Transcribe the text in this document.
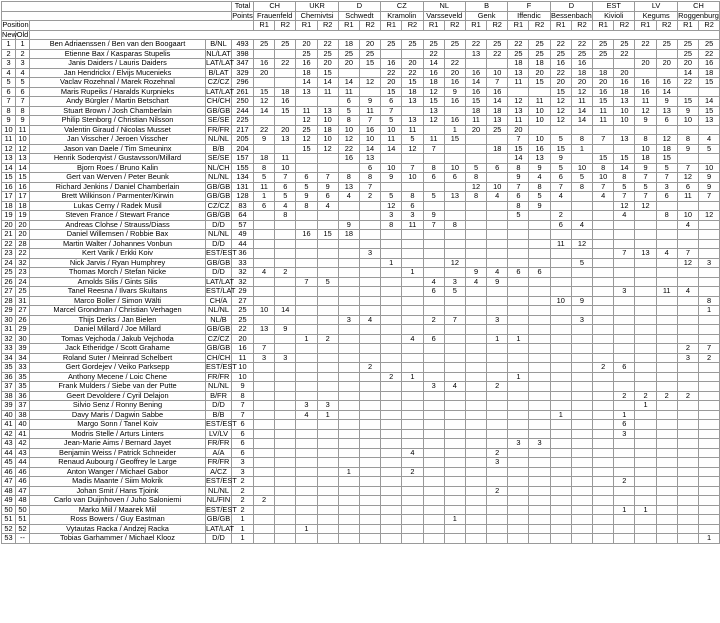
				Total	CH		UKR		D		CZ		NL		B		F		D		EST		LV		CH	
				Points	Frauenfeld		Chernivtsi		Schwedt		Kramolin		Varsseveld		Genk		Iffendic		Bessenbach		Kivioli		Kegums		Roggenburg	
Position					R1	R2	R1	R2	R1	R2	R1	R2	R1	R2	R1	R2	R1	R2	R1	R2	R1	R2	R1	R2	R1	R2
New	Old																									
1	1	Ben Adriaenssen / Ben van den Boogaart	B/NL	493	25	25	20	22	18	20	25	25	25	25	22	25	22	25	22	22	25	25	22	25	25	25
2	2	Etienne Bax / Kasparas Stupelis	NL/LAT	398			25	25	25	25			22		13	22	25	25	25	25	25	22			25	22
3	3	Janis Daiders / Lauris Daiders	LAT/LAT	347	16	22	16	20	20	15	16	20	14	22			18	18	16	16			20	20	20	16
4	4	Jan Hendrickx / Elvijs Mucenieks	B/LAT	329	20		18	15			22	22	16	20	16	10	13	20	22	18	18	20			14	18
5	5	Vaclav Rozehnal / Marek Rozehnal	CZ/CZ	296			14	14	14	12	20	15	18	16	14	7	11	15	20	20	20	16	16	16	22	15
6	6	Maris Rupeiks / Haralds Kurpnieks	LAT/LAT	261	15	18	13	11	11		15	18	12	9	16	16			15	12	16	18	16	14		
7	7	Andy Bürgler / Martin Betschart	CH/CH	250	12	16			6	9	6	13	15	16	15	14	12	11	12	11	15	13	11	9	15	14
8	8	Stuart Brown / Josh Chamberlain	GB/GB	244	14	15	11	13	5	11	7		13		18	18	13	10	12	14	11	10	12	13	9	15
9	9	Philip Stenborg / Christian Nilsson	SE/SE	225			12	10	8	7	5	13	12	16	11	13	11	10	12	14	11	10	9	6	10	13
10	11	Valentin Giraud / Nicolas Musset	FR/FR	217	22	20	25	18	10	16	10	11		1	20	25	20									
11	10	Jan Visscher / Jeroen Visscher	NL/NL	205	9	13	12	10	12	10	11	5	11	15			7	10	5	8	7	13	8	12	8	4
12	12	Jason van Daele / Tim Smeuninx	B/B	204			15	12	22	14	14	12	7			18	15	16	15	1			10	18	9	5
13	13	Henrik Soderqvist / Gustavsson/Millard	SE/SE	157	18	11			16	13							14	13	9		15	15	18	15		
14	14	Bjorn Roes / Bruno Kalin	NL/CH	155	8	10				6	10	7	8	10	5	6	8	9	5	10	8	14	9	5	7	10
15	15	Gert van Werven / Peter Beunk	NL/NL	134	5	7	6	7	8	8	9	10	6	6	8		9	4	6	5	10	8	7	7	12	9
16	16	Richard Jenkins / Daniel Chamberlain	GB/GB	131	11	6	5	9	13	7					12	10	7	8	7	8	7	5	5	3	6	9
17	17	Brett Wilkinson / Parmenter/Kirwin	GB/GB	128	1	5	9	6	4	2	5	8	5	13	8	4	6	5	4		4	7	7	6	11	7
18	18	Lukas Cerny / Radek Musil	CZ/CZ	83	6	4	8	4			12	6					8	9				12	12			
19	19	Steven France / Stewart France	GB/GB	64		8					3	3	9				5		2			4		8	10	12
20	20	Andreas Clohse / Strauss/Diass	D/D	57					9		8	11	7	8					6	4					4	
21	20	Daniel Willemsen / Robbie Bax	NL/NL	49			16	15	18																	
22	28	Martin Walter / Johannes Vonbun	D/D	44															11	12						
23	22	Kert Varik / Erkki Koiv	EST/EST	36						3												7	13	4	7	
24	32	Nick Jarvis / Ryan Humphrey	GB/GB	33							1			12						5					12	3
25	23	Thomas Morch / Stefan Nicke	D/D	32	4	2						1			9	4	6	6								
26	24	Arnolds Silis / Gints Silis	LAT/LAT	32			7	5					4	3	4	9										
27	25	Tanel Reesna / Ilvars Skultans	EST/LAT	29									6	5								3		11	4	
28	31	Marco Boller / Simon Wälti	CH/A	27															10	9						8
29	27	Marcel Grondman / Christian Verhagen	NL/NL	25	10	14																				1
30	26	Thijs Derks / Jan Bielen	NL/B	25					3	4			2	7		3				3						
31	29	Daniel Millard / Joe Millard	GB/GB	22	13	9																				
32	30	Tomas Vejchoda / Jakub Vejchoda	CZ/CZ	20			1	2				4	6			1	1									
33	39	Jack Etheridge / Scott Grahame	GB/GB	16	7																				2	7
34	34	Roland Suter / Meinrad Schelbert	CH/CH	11	3	3																			3	2
35	33	Gert Gordejev / Veiko Parksepp	EST/EST	10						2											2	6				
36	35	Anthony Mecene / Loic Chene	FR/FR	10							2	1					1									
37	35	Frank Mulders / Siebe van der Putte	NL/NL	9									3	4		2										
38	36	Geert Devoldere / Cyril Delajon	B/FR	8																		2	2	2	2	
39	37	Silvio Senz / Ronny Bening	D/D	7			3	3															1			
40	38	Davy Maris / Dagwin Sabbe	B/B	7			4	1											1			1				
41	40	Margo Sonn / Tanel Koiv	EST/EST	6																		6				
42	41	Modris Stelle / Arturs Linters	LV/LV	6																		3				
43	42	Jean-Marie Aims / Bernard Jayet	FR/FR	6													3	3								
44	43	Benjamin Weiss / Patrick Schneider	A/A	6								4				2										
45	44	Renaud Aubourg / Geoffrey le Large	FR/FR	3												3										
46	46	Anton Wanger / Michael Gabor	A/CZ	3					1			2														
47	46	Madis Maante / Siim Mokrik	EST/EST	2																		2				
48	47	Johan Smit / Hans Tjoink	NL/NL	2												2										
49	48	Carlo van Duijnhoven / Juho Saloniemi	NL/FIN	2	2																					
50	50	Marko Miil / Maarek Miil	EST/EST	2																		1	1			
51	51	Ross Bowers / Guy Eastman	GB/GB	1										1												
52	52	Vytautas Racka / Andzej Racka	LAT/LAT	1			1																			
53	--	Tobias Garhammer / Michael Klooz	D/D	1																						1
